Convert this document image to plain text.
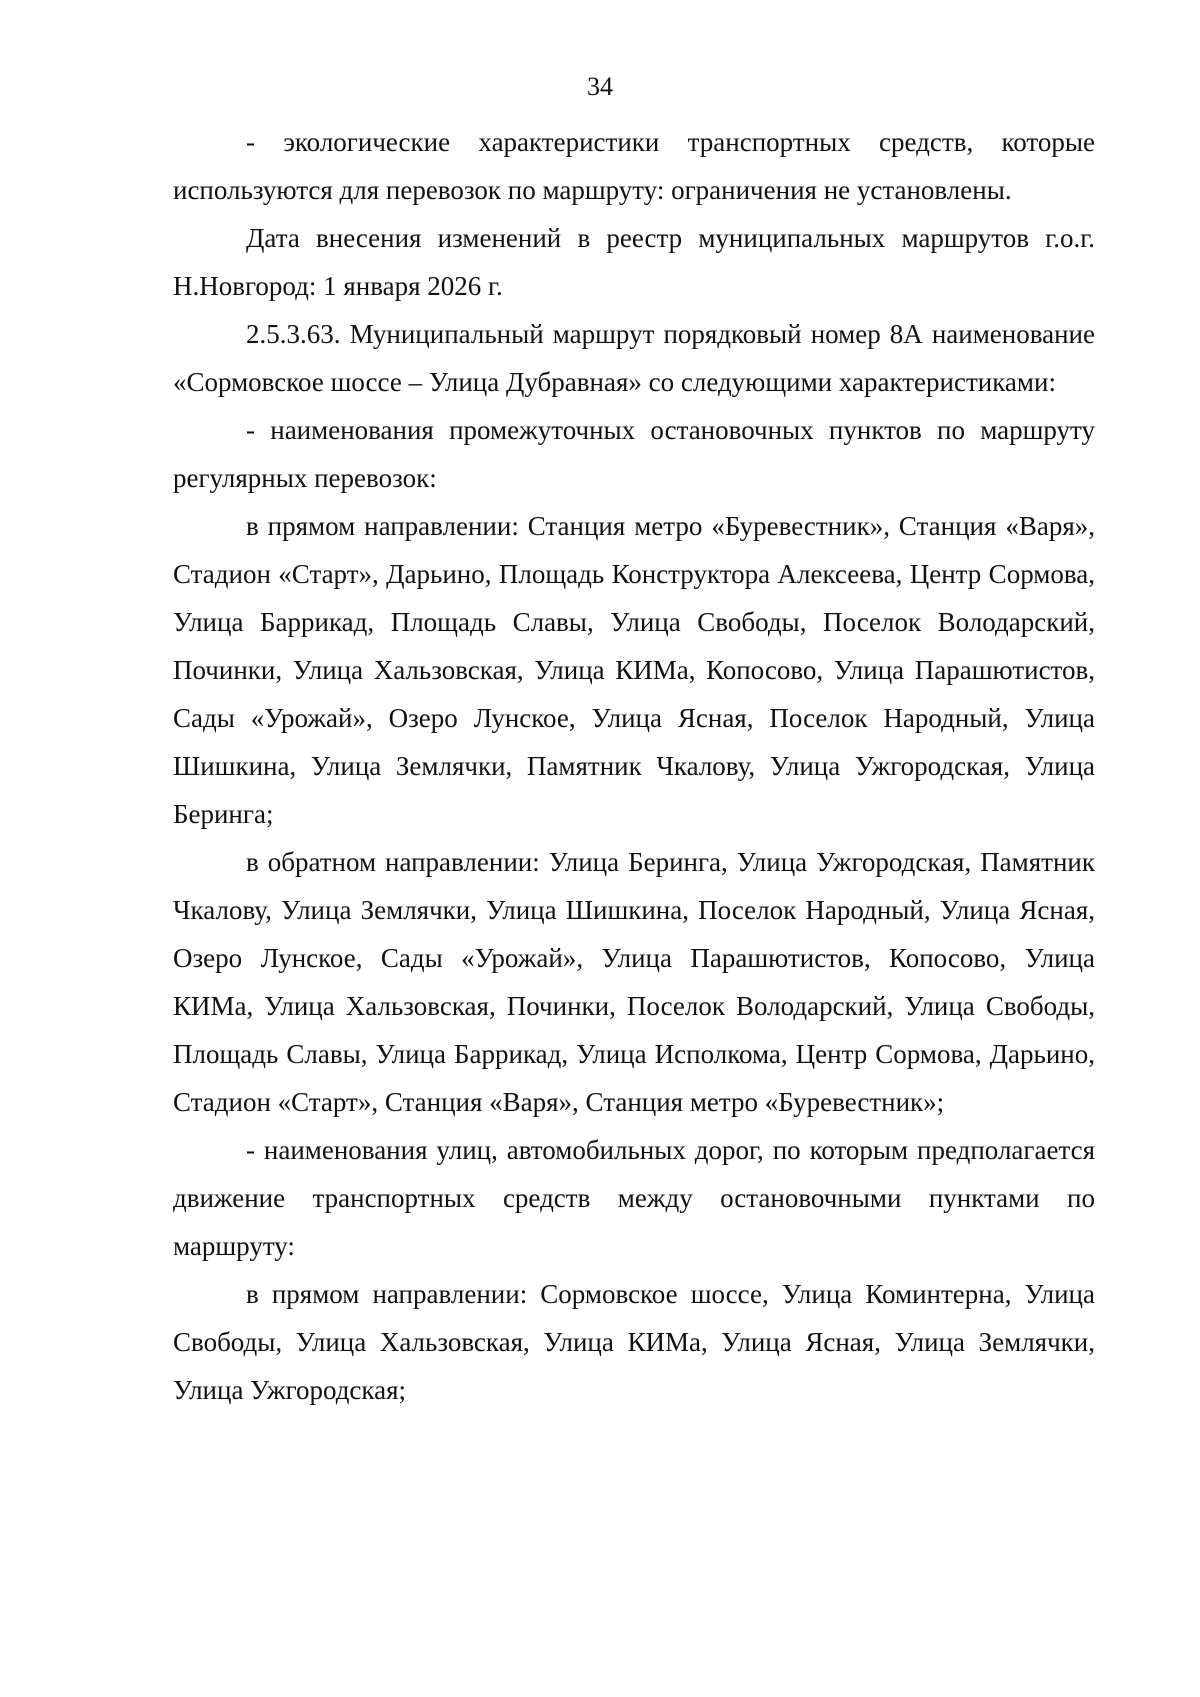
34

- экологические характеристики транспортных средств, которые используются для перевозок по маршруту: ограничения не установлены.

Дата внесения изменений в реестр муниципальных маршрутов г.о.г. Н.Новгород: 1 января 2026 г.

2.5.3.63. Муниципальный маршрут порядковый номер 8А наименование «Сормовское шоссе – Улица Дубравная» со следующими характеристиками:

- наименования промежуточных остановочных пунктов по маршруту регулярных перевозок:

в прямом направлении: Станция метро «Буревестник», Станция «Варя», Стадион «Старт», Дарьино, Площадь Конструктора Алексеева, Центр Сормова, Улица Баррикад, Площадь Славы, Улица Свободы, Поселок Володарский, Починки, Улица Хальзовская, Улица КИМа, Копосово, Улица Парашютистов, Сады «Урожай», Озеро Лунское, Улица Ясная, Поселок Народный, Улица Шишкина, Улица Землячки, Памятник Чкалову, Улица Ужгородская, Улица Беринга;

в обратном направлении: Улица Беринга, Улица Ужгородская, Памятник Чкалову, Улица Землячки, Улица Шишкина, Поселок Народный, Улица Ясная, Озеро Лунское, Сады «Урожай», Улица Парашютистов, Копосово, Улица КИМа, Улица Хальзовская, Починки, Поселок Володарский, Улица Свободы, Площадь Славы, Улица Баррикад, Улица Исполкома, Центр Сормова, Дарьино, Стадион «Старт», Станция «Варя», Станция метро «Буревестник»;

- наименования улиц, автомобильных дорог, по которым предполагается движение транспортных средств между остановочными пунктами по маршруту:

в прямом направлении: Сормовское шоссе, Улица Коминтерна, Улица Свободы, Улица Хальзовская, Улица КИМа, Улица Ясная, Улица Землячки, Улица Ужгородская;
